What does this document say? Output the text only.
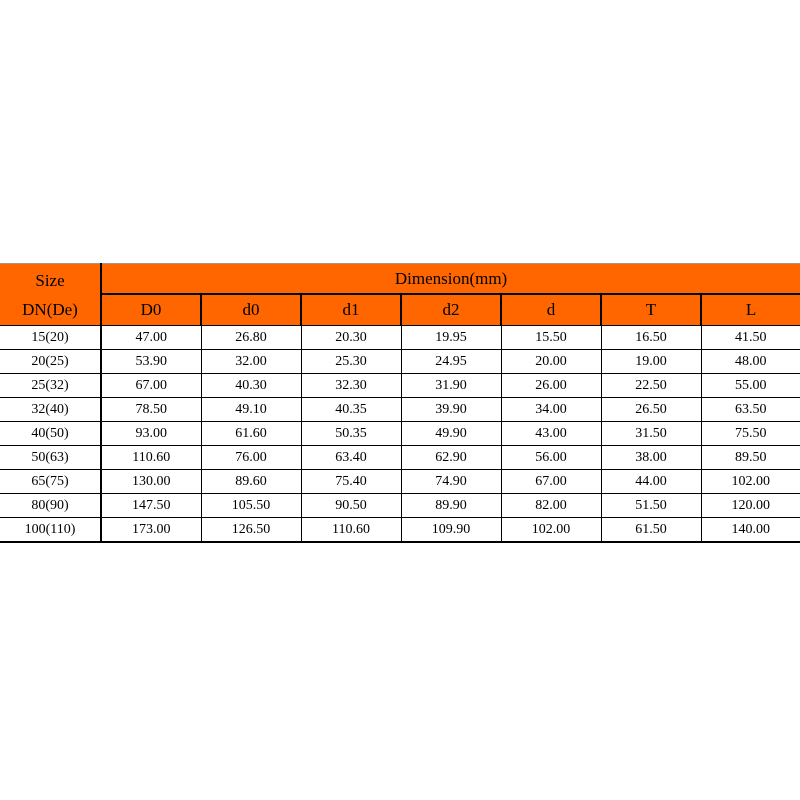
Size
DN(De)	Dimension(mm)						
	D0	d0	d1	d2	d	T	L
15(20)	47.00	26.80	20.30	19.95	15.50	16.50	41.50
20(25)	53.90	32.00	25.30	24.95	20.00	19.00	48.00
25(32)	67.00	40.30	32.30	31.90	26.00	22.50	55.00
32(40)	78.50	49.10	40.35	39.90	34.00	26.50	63.50
40(50)	93.00	61.60	50.35	49.90	43.00	31.50	75.50
50(63)	110.60	76.00	63.40	62.90	56.00	38.00	89.50
65(75)	130.00	89.60	75.40	74.90	67.00	44.00	102.00
80(90)	147.50	105.50	90.50	89.90	82.00	51.50	120.00
100(110)	173.00	126.50	110.60	109.90	102.00	61.50	140.00
